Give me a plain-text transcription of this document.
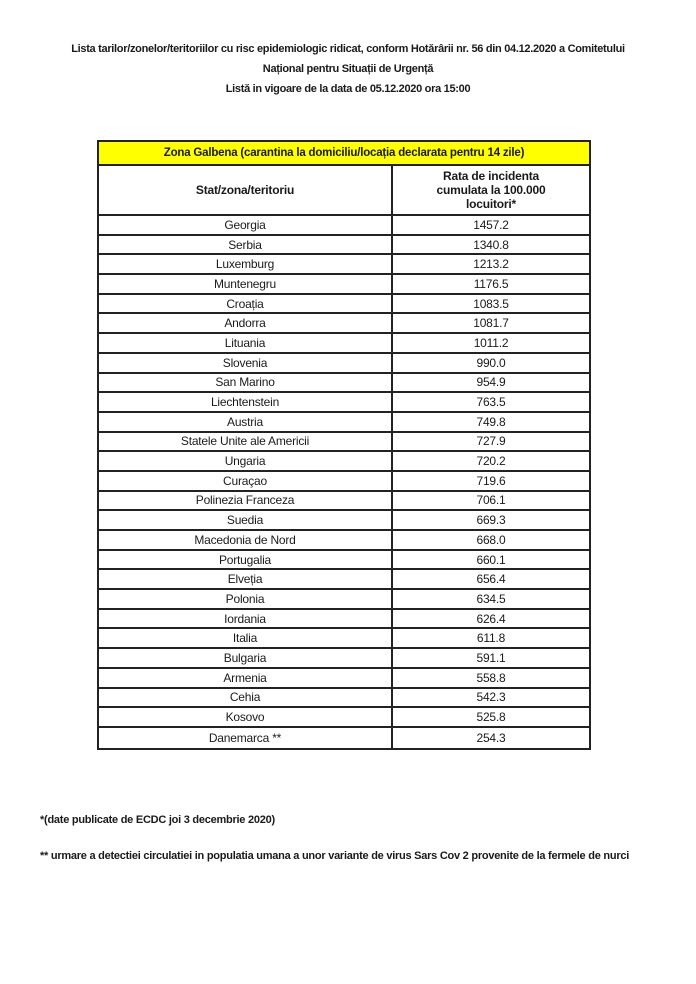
Lista tarilor/zonelor/teritoriilor cu risc epidemiologic ridicat, conform Hotărârii nr. 56 din 04.12.2020 a Comitetului
Național pentru Situații de Urgență
Listă in vigoare de la data de 05.12.2020 ora 15:00
Zona Galbena (carantina la domiciliu/locația declarata pentru 14 zile)
Stat/zona/teritoriu
Rata de incidenta cumulata la 100.000 locuitori*
Georgia	1457.2
Serbia	1340.8
Luxemburg	1213.2
Muntenegru	1176.5
Croația	1083.5
Andorra	1081.7
Lituania	1011.2
Slovenia	990.0
San Marino	954.9
Liechtenstein	763.5
Austria	749.8
Statele Unite ale Americii	727.9
Ungaria	720.2
Curaçao	719.6
Polinezia Franceza	706.1
Suedia	669.3
Macedonia de Nord	668.0
Portugalia	660.1
Elveția	656.4
Polonia	634.5
Iordania	626.4
Italia	611.8
Bulgaria	591.1
Armenia	558.8
Cehia	542.3
Kosovo	525.8
Danemarca **	254.3

*(date publicate de ECDC joi 3 decembrie 2020)

** urmare a detectiei circulatiei in populatia umana a unor variante de virus Sars Cov 2 provenite de la fermele de nurci
